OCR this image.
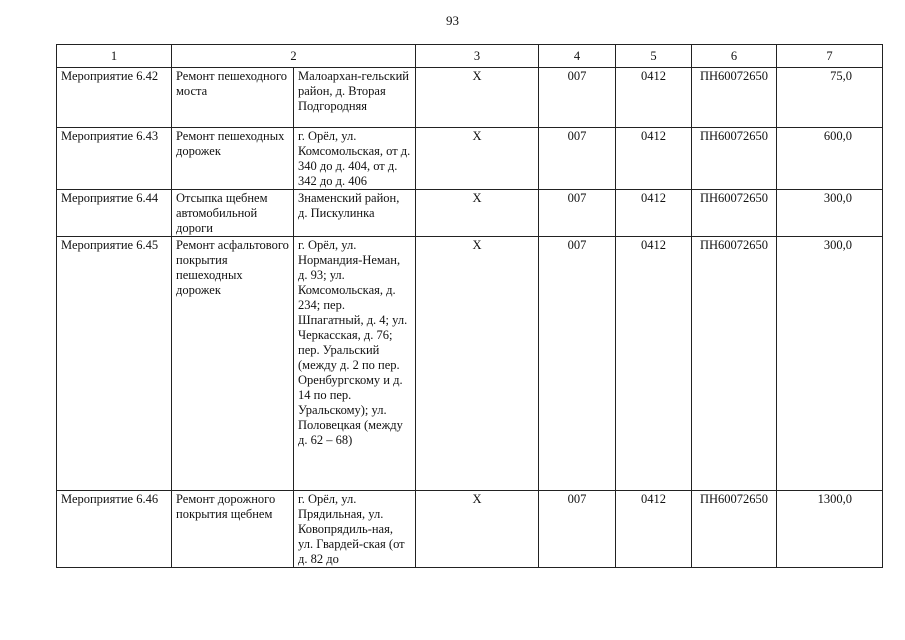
93
1	2		3	4	5	6	7
Мероприятие 6.42	Ремонт пешеходного моста	Малоархан-гельский район, д. Вторая Подгородняя	Х	007	0412	ПН60072650	75,0
Мероприятие 6.43	Ремонт пешеходных дорожек	г. Орёл, ул. Комсомольская, от д. 340 до д. 404, от д. 342 до д. 406	Х	007	0412	ПН60072650	600,0
Мероприятие 6.44	Отсыпка щебнем автомобильной дороги	Знаменский район, д. Пискулинка	Х	007	0412	ПН60072650	300,0
Мероприятие 6.45	Ремонт асфальтового покрытия пешеходных дорожек	г. Орёл, ул. Нормандия-Неман, д. 93; ул. Комсомольская, д. 234; пер. Шпагатный, д. 4; ул. Черкасская, д. 76; пер. Уральский (между д. 2 по пер. Оренбургскому и д. 14 по пер. Уральскому); ул. Половецкая (между д. 62 – 68)	Х	007	0412	ПН60072650	300,0
Мероприятие 6.46	Ремонт дорожного покрытия щебнем	г. Орёл, ул. Прядильная, ул. Ковопрядиль-ная, ул. Гвардей-ская (от д. 82 до	Х	007	0412	ПН60072650	1300,0
